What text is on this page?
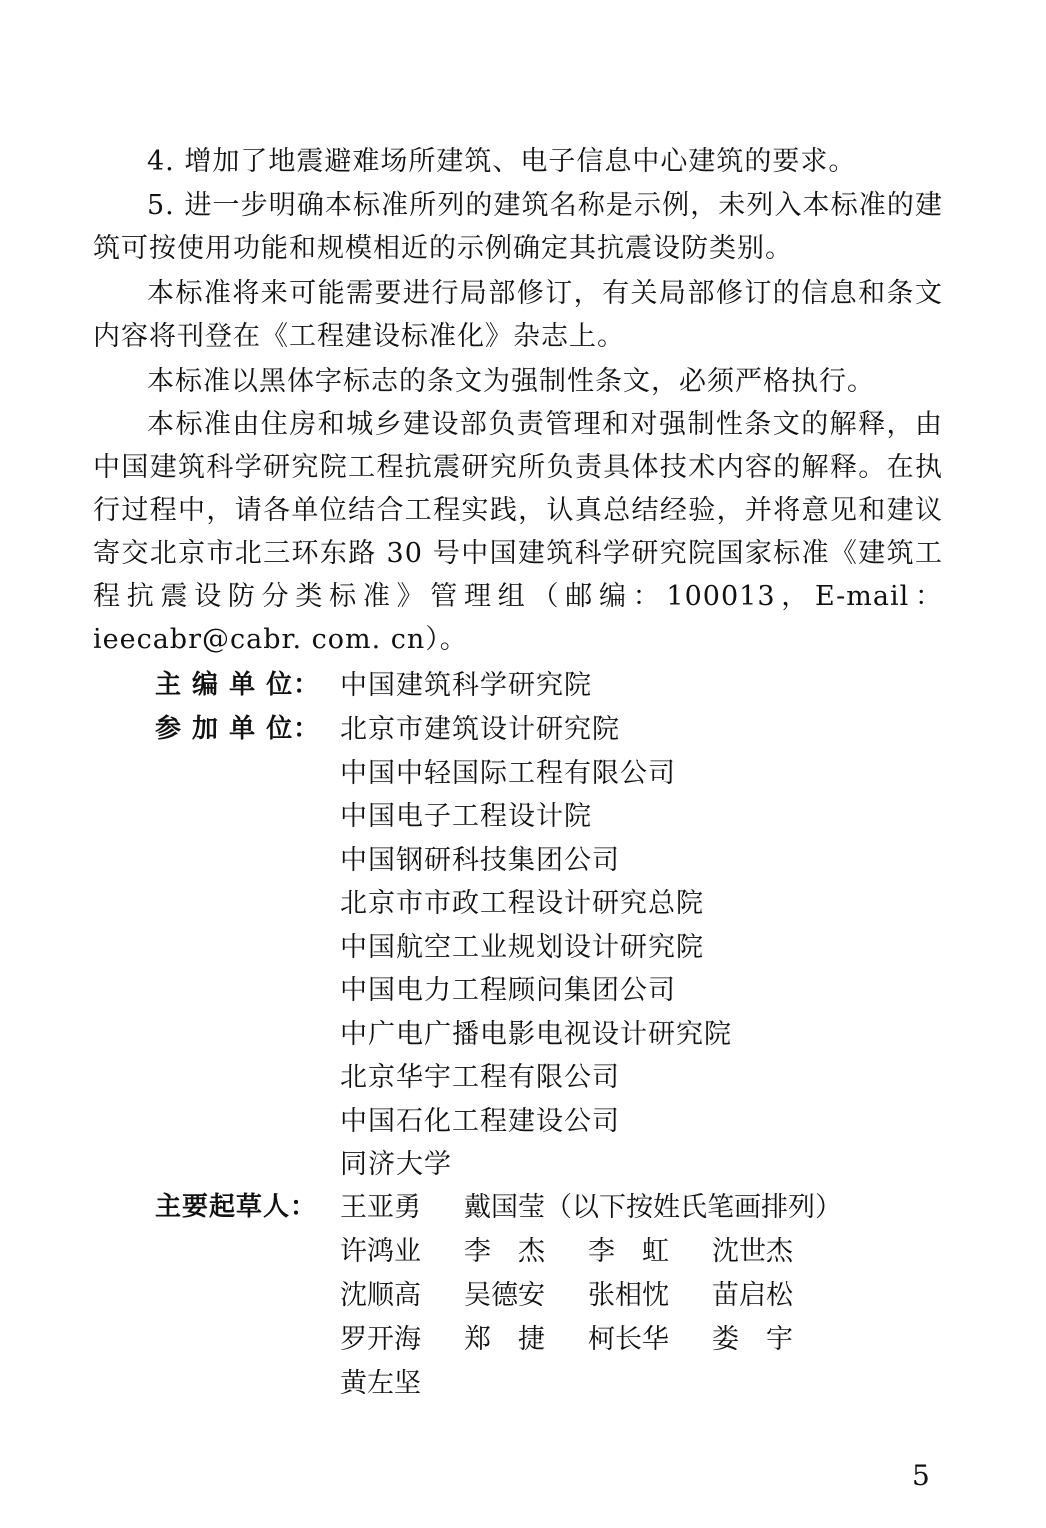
4. 增加了地震避难场所建筑、电子信息中心建筑的要求。

5. 进一步明确本标准所列的建筑名称是示例，未列入本标准的建筑可按使用功能和规模相近的示例确定其抗震设防类别。

本标准将来可能需要进行局部修订，有关局部修订的信息和条文内容将刊登在《工程建设标准化》杂志上。

本标准以黑体字标志的条文为强制性条文，必须严格执行。

本标准由住房和城乡建设部负责管理和对强制性条文的解释，由中国建筑科学研究院工程抗震研究所负责具体技术内容的解释。在执行过程中，请各单位结合工程实践，认真总结经验，并将意见和建议寄交北京市北三环东路 30 号中国建筑科学研究院国家标准《建筑工程抗震设防分类标准》管理组（邮编：100013，E-mail：ieecabr@cabr. com. cn）。

主 编 单 位： 中国建筑科学研究院
参 加 单 位： 北京市建筑设计研究院
中国中轻国际工程有限公司
中国电子工程设计院
中国钢研科技集团公司
北京市市政工程设计研究总院
中国航空工业规划设计研究院
中国电力工程顾问集团公司
中广电广播电影电视设计研究院
北京华宇工程有限公司
中国石化工程建设公司
同济大学
主要起草人： 王亚勇	戴国莹 （以下按姓氏笔画排列）
许鸿业	李　杰	李　虹	沈世杰
沈顺高	吴德安	张相忱	苗启松
罗开海	郑　捷	柯长华	娄　宇
黄左坚
5
